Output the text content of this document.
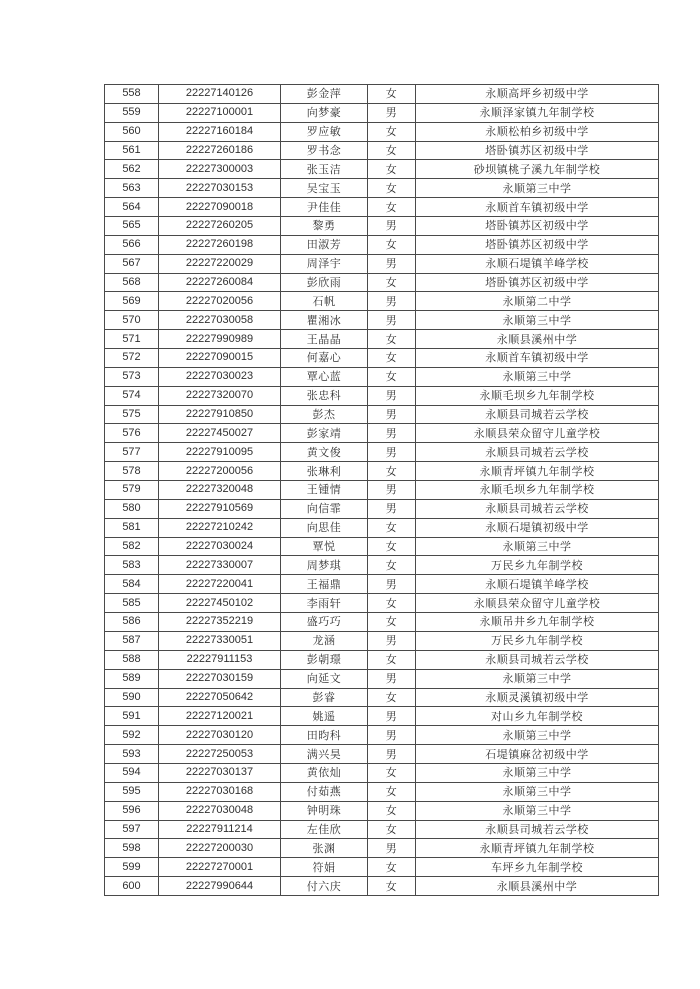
558	22227140126	彭金萍	女	永顺高坪乡初级中学
559	22227100001	向梦豪	男	永顺泽家镇九年制学校
560	22227160184	罗应敏	女	永顺松柏乡初级中学
561	22227260186	罗书念	女	塔卧镇苏区初级中学
562	22227300003	张玉洁	女	砂坝镇桃子溪九年制学校
563	22227030153	吴宝玉	女	永顺第三中学
564	22227090018	尹佳佳	女	永顺首车镇初级中学
565	22227260205	黎勇	男	塔卧镇苏区初级中学
566	22227260198	田淑芳	女	塔卧镇苏区初级中学
567	22227220029	周泽宇	男	永顺石堤镇羊峰学校
568	22227260084	彭欣雨	女	塔卧镇苏区初级中学
569	22227020056	石帆	男	永顺第二中学
570	22227030058	瞿湘冰	男	永顺第三中学
571	22227990989	王晶晶	女	永顺县溪州中学
572	22227090015	何嘉心	女	永顺首车镇初级中学
573	22227030023	覃心蓝	女	永顺第三中学
574	22227320070	张忠科	男	永顺毛坝乡九年制学校
575	22227910850	彭杰	男	永顺县司城若云学校
576	22227450027	彭家靖	男	永顺县荣众留守儿童学校
577	22227910095	黄文俊	男	永顺县司城若云学校
578	22227200056	张琳利	女	永顺青坪镇九年制学校
579	22227320048	王锺情	男	永顺毛坝乡九年制学校
580	22227910569	向信霏	男	永顺县司城若云学校
581	22227210242	向思佳	女	永顺石堤镇初级中学
582	22227030024	覃悦	女	永顺第三中学
583	22227330007	周梦琪	女	万民乡九年制学校
584	22227220041	王福鼎	男	永顺石堤镇羊峰学校
585	22227450102	李雨轩	女	永顺县荣众留守儿童学校
586	22227352219	盛巧巧	女	永顺吊井乡九年制学校
587	22227330051	龙涵	男	万民乡九年制学校
588	22227911153	彭朝璟	女	永顺县司城若云学校
589	22227030159	向延文	男	永顺第三中学
590	22227050642	彭睿	女	永顺灵溪镇初级中学
591	22227120021	姚遥	男	对山乡九年制学校
592	22227030120	田昀科	男	永顺第三中学
593	22227250053	满兴昊	男	石堤镇麻岔初级中学
594	22227030137	黄依灿	女	永顺第三中学
595	22227030168	付茹燕	女	永顺第三中学
596	22227030048	钟明珠	女	永顺第三中学
597	22227911214	左佳欣	女	永顺县司城若云学校
598	22227200030	张渊	男	永顺青坪镇九年制学校
599	22227270001	符娟	女	车坪乡九年制学校
600	22227990644	付六庆	女	永顺县溪州中学
